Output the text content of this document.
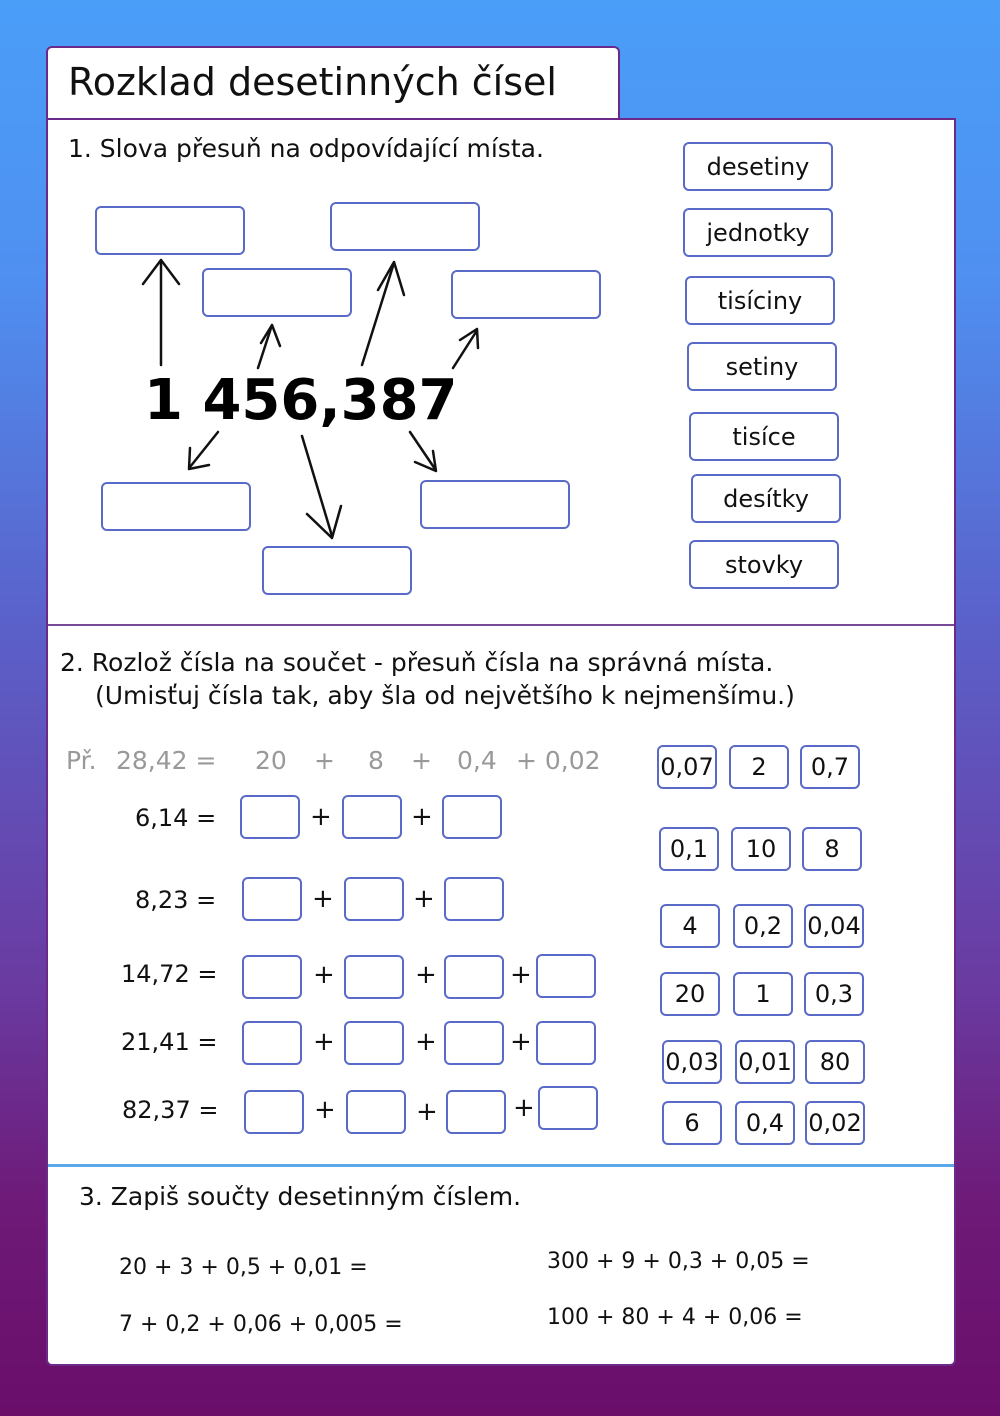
Rozklad desetinných čísel
1. Slova přesuň na odpovídající místa.
1 456,387
desetiny
jednotky
tisíciny
setiny
tisíce
desítky
stovky
2. Rozlož čísla na součet - přesuň čísla na správná místa.
(Umisťuj čísla tak, aby šla od největšího k nejmenšímu.)
Př. 28,42 = 20 + 8 + 0,4 + 0,02
6,14 =	+	+
8,23 =	+	+
14,72 =	+	+	+
21,41 =	+	+	+
82,37 =	+	+	+
0,07	2	0,7
0,1	10	8
4	0,2	0,04
20	1	0,3
0,03 0,01	80
6	0,4	0,02
3. Zapiš součty desetinným číslem.
20 + 3 + 0,5 + 0,01 =	300 + 9 + 0,3 + 0,05 =
7 + 0,2 + 0,06 + 0,005 =	100 + 80 + 4 + 0,06 =
